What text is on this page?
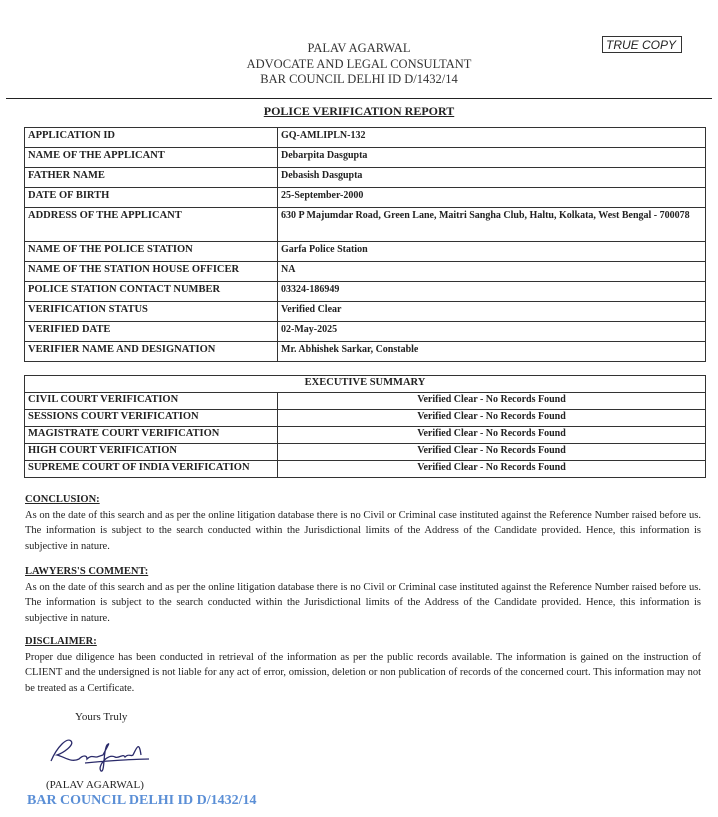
PALAV AGARWAL
ADVOCATE AND LEGAL CONSULTANT
BAR COUNCIL DELHI ID D/1432/14
TRUE COPY
POLICE VERIFICATION REPORT
APPLICATION ID	GQ-AMLIPLN-132
NAME OF THE APPLICANT	Debarpita Dasgupta
FATHER NAME	Debasish Dasgupta
DATE OF BIRTH	25-September-2000
ADDRESS OF THE APPLICANT	630 P Majumdar Road, Green Lane, Maitri Sangha Club, Haltu, Kolkata, West Bengal - 700078
NAME OF THE POLICE STATION	Garfa Police Station
NAME OF THE STATION HOUSE OFFICER	NA
POLICE STATION CONTACT NUMBER	03324-186949
VERIFICATION STATUS	Verified Clear
VERIFIED DATE	02-May-2025
VERIFIER NAME AND DESIGNATION	Mr. Abhishek Sarkar, Constable
EXECUTIVE SUMMARY	
CIVIL COURT VERIFICATION	Verified Clear - No Records Found
SESSIONS COURT VERIFICATION	Verified Clear - No Records Found
MAGISTRATE COURT VERIFICATION	Verified Clear - No Records Found
HIGH COURT VERIFICATION	Verified Clear - No Records Found
SUPREME COURT OF INDIA VERIFICATION	Verified Clear - No Records Found
CONCLUSION:

As on the date of this search and as per the online litigation database there is no Civil or Criminal case instituted against the Reference Number raised before us. The information is subject to the search conducted within the Jurisdictional limits of the Address of the Candidate provided. Hence, this information is subjective in nature.

LAWYERS'S COMMENT:

As on the date of this search and as per the online litigation database there is no Civil or Criminal case instituted against the Reference Number raised before us. The information is subject to the search conducted within the Jurisdictional limits of the Address of the Candidate provided. Hence, this information is subjective in nature.

DISCLAIMER:

Proper due diligence has been conducted in retrieval of the information as per the public records available. The information is gained on the instruction of CLIENT and the undersigned is not liable for any act of error, omission, deletion or non publication of records of the concerned court. This information may not be treated as a Certificate.

Yours Truly
(PALAV AGARWAL)
BAR COUNCIL DELHI ID D/1432/14
